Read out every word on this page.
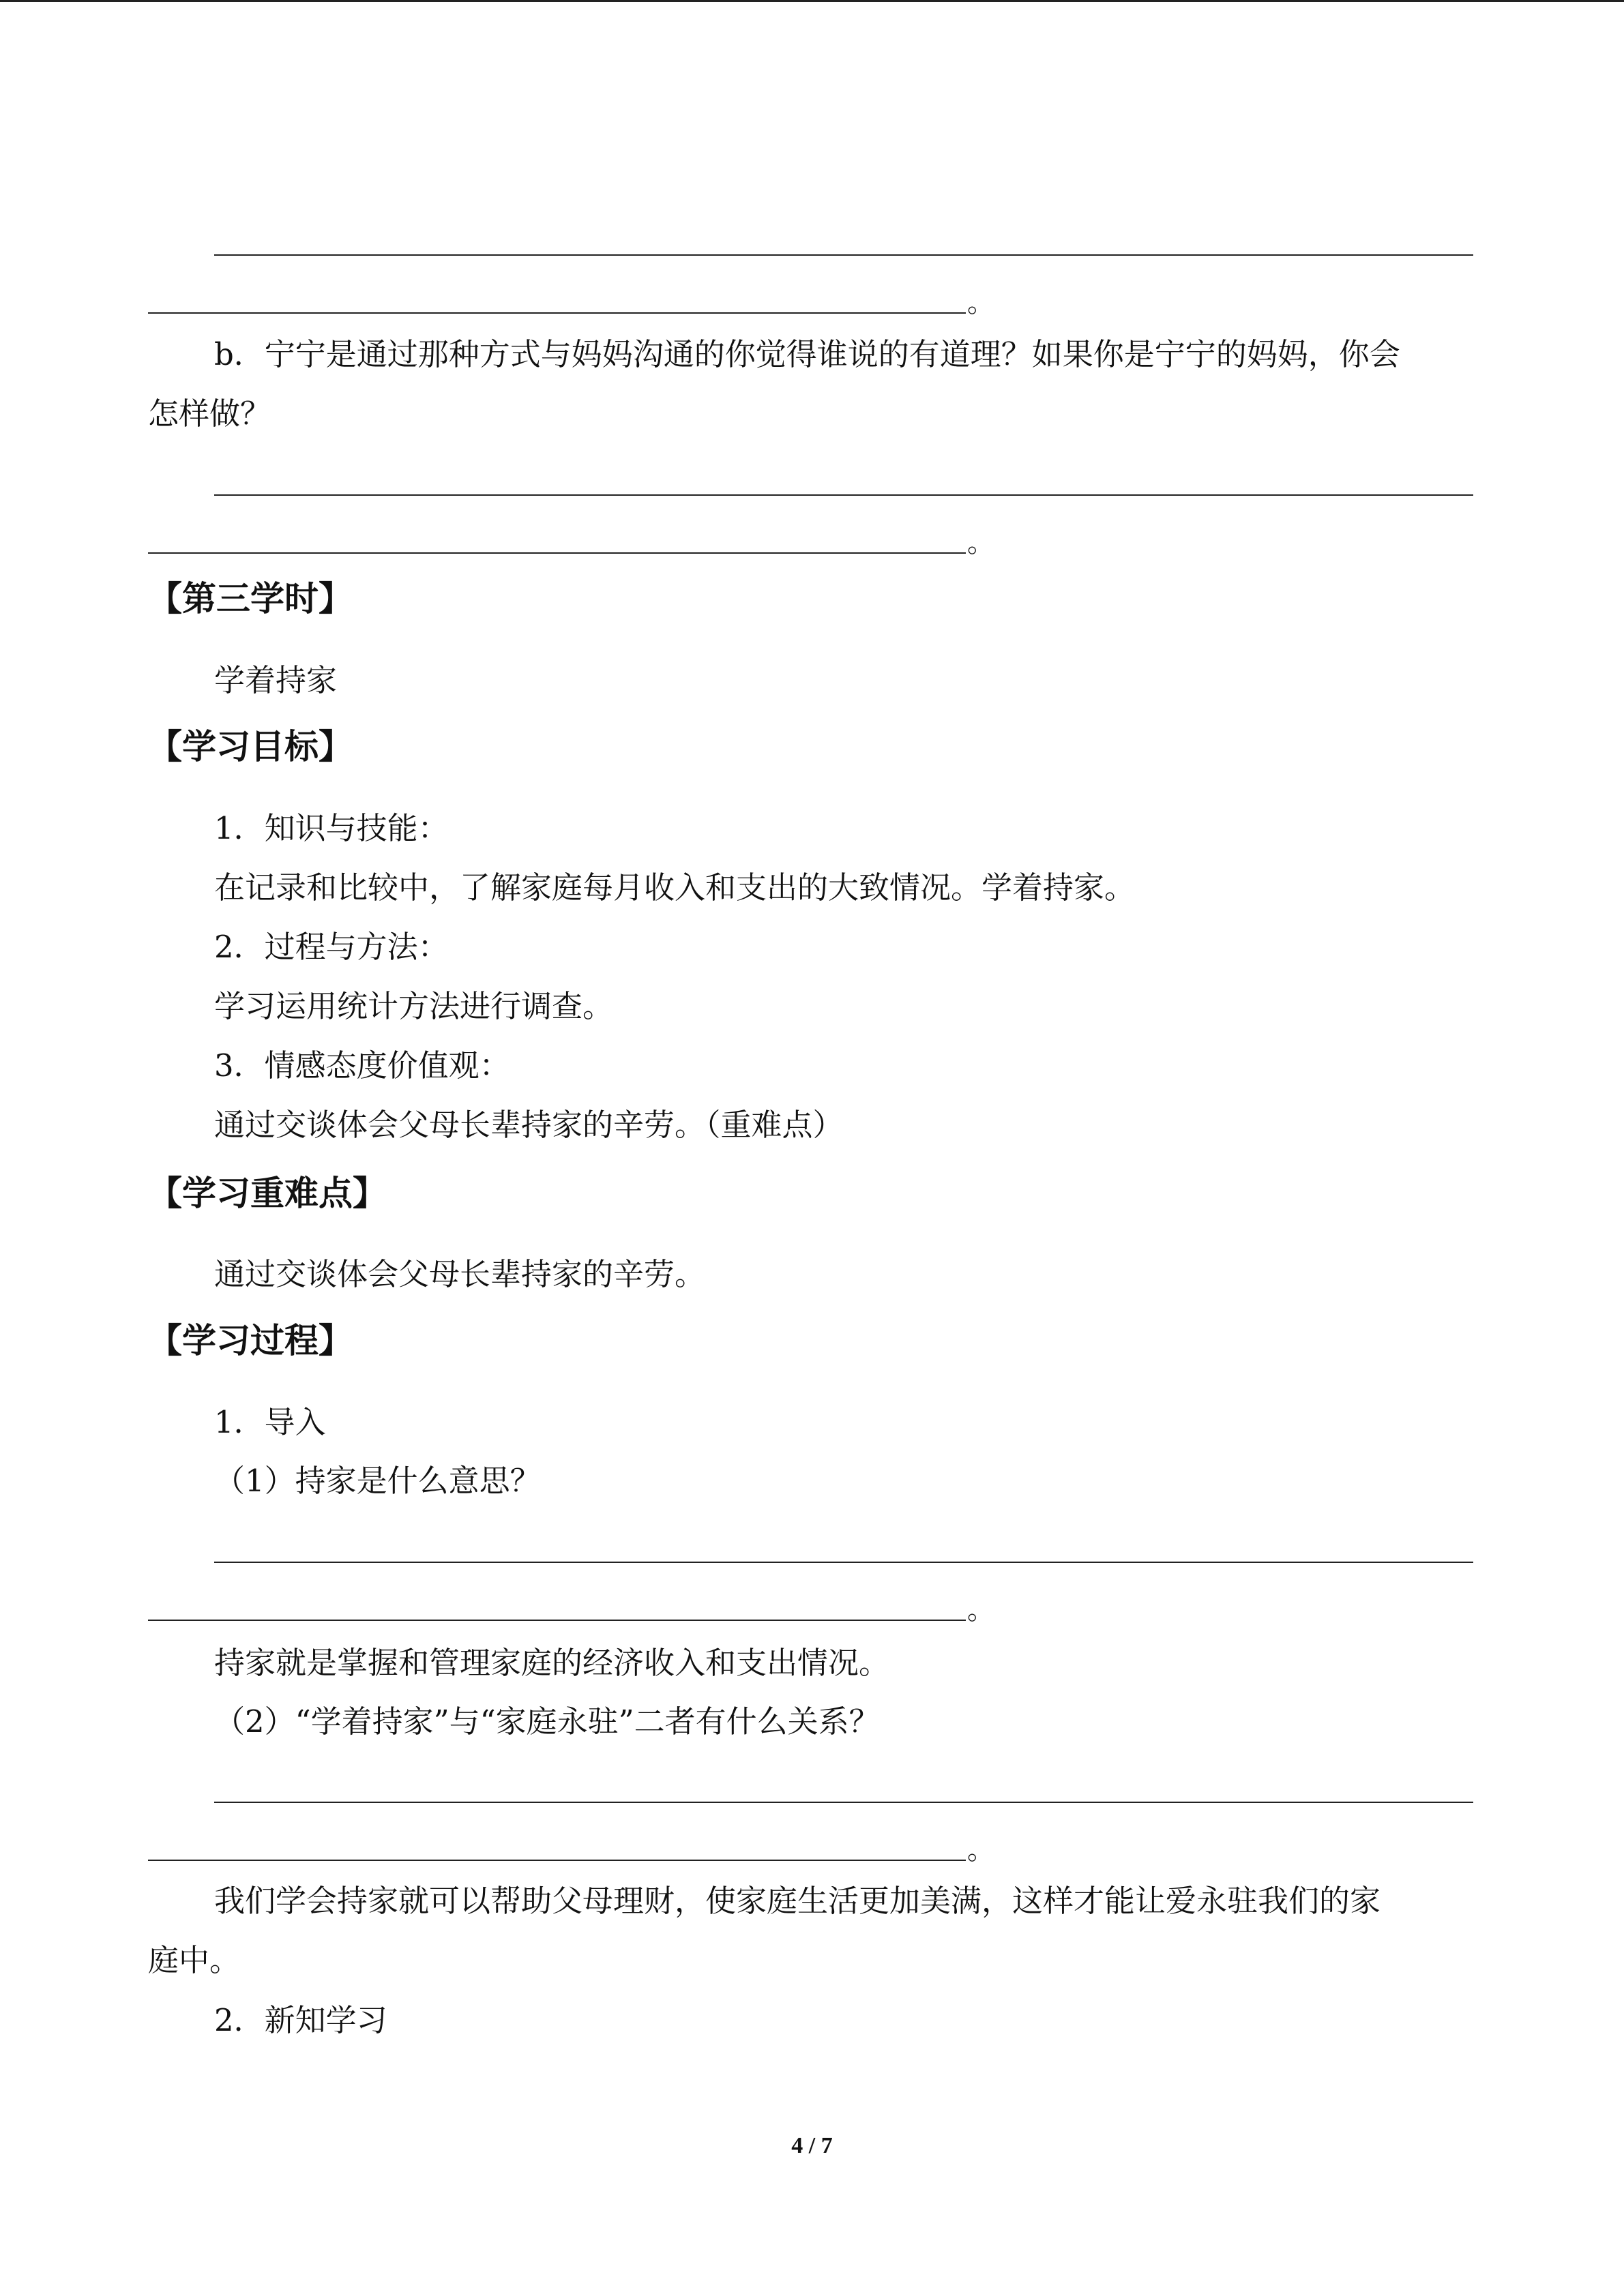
。
b．宁宁是通过那种方式与妈妈沟通的你觉得谁说的有道理？如果你是宁宁的妈妈，你会
怎样做？
。
【第三学时】
学着持家
【学习目标】
1．知识与技能：
在记录和比较中，了解家庭每月收入和支出的大致情况。学着持家。
2．过程与方法：
学习运用统计方法进行调查。
3．情感态度价值观：
通过交谈体会父母长辈持家的辛劳。（重难点）
【学习重难点】
通过交谈体会父母长辈持家的辛劳。
【学习过程】
1．导入
（1）持家是什么意思？
。
持家就是掌握和管理家庭的经济收入和支出情况。
（2）“学着持家”与“家庭永驻”二者有什么关系？
。
我们学会持家就可以帮助父母理财，使家庭生活更加美满，这样才能让爱永驻我们的家
庭中。
2．新知学习
4 / 7
